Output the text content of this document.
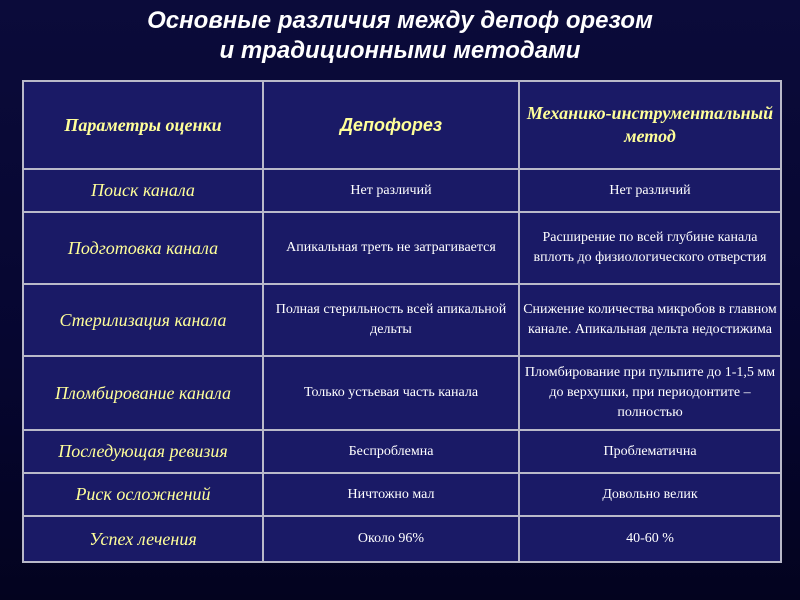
Основные различия между депоф орезом
и традиционными методами
Параметры оценки	Депофорез	Механико-инструментальный метод
Поиск канала	Нет различий	Нет различий
Подготовка канала	Апикальная треть не затрагивается	Расширение по всей глубине канала вплоть до физиологического отверстия
Стерилизация канала	Полная стерильность всей апикальной дельты	Снижение количества микробов в главном канале. Апикальная дельта недостижима
Пломбирование канала	Только устьевая часть канала	Пломбирование при пульпите до 1-1,5 мм до верхушки, при периодонтите – полностью
Последующая ревизия	Беспроблемна	Проблематична
Риск осложнений	Ничтожно мал	Довольно велик
Успех лечения	Около 96%	40-60 %
